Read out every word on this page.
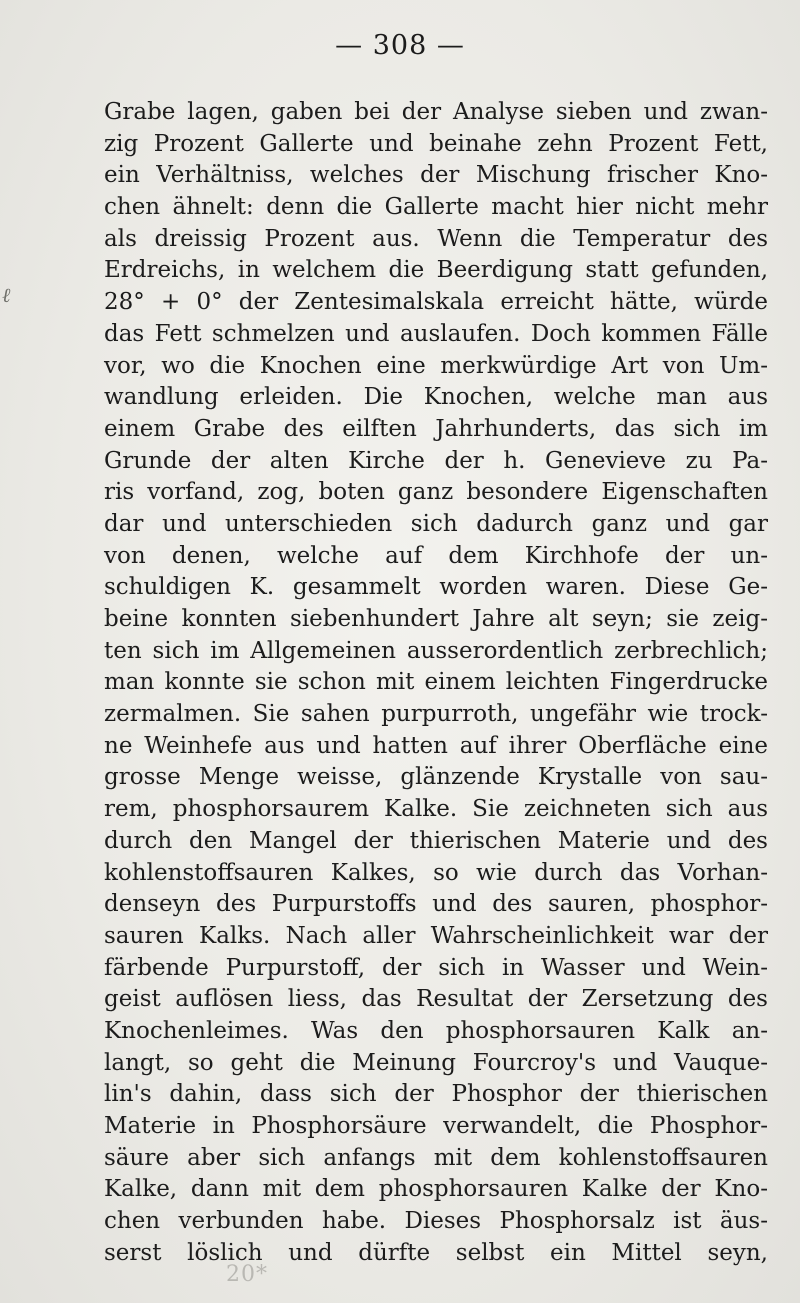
— 308 —
ℓ
Grabe lagen, gaben bei der Analyse sieben und zwan-
zig Prozent Gallerte und beinahe zehn Prozent Fett,
ein Verhältniss, welches der Mischung frischer Kno-
chen ähnelt: denn die Gallerte macht hier nicht mehr
als dreissig Prozent aus. Wenn die Temperatur des
Erdreichs, in welchem die Beerdigung statt gefunden,
28° + 0° der Zentesimalskala erreicht hätte, würde
das Fett schmelzen und auslaufen. Doch kommen Fälle
vor, wo die Knochen eine merkwürdige Art von Um-
wandlung erleiden. Die Knochen, welche man aus
einem Grabe des eilften Jahrhunderts, das sich im
Grunde der alten Kirche der h. Genevieve zu Pa-
ris vorfand, zog, boten ganz besondere Eigenschaften
dar und unterschieden sich dadurch ganz und gar
von denen, welche auf dem Kirchhofe der un-
schuldigen K. gesammelt worden waren. Diese Ge-
beine konnten siebenhundert Jahre alt seyn; sie zeig-
ten sich im Allgemeinen ausserordentlich zerbrechlich;
man konnte sie schon mit einem leichten Fingerdrucke
zermalmen. Sie sahen purpurroth, ungefähr wie trock-
ne Weinhefe aus und hatten auf ihrer Oberfläche eine
grosse Menge weisse, glänzende Krystalle von sau-
rem, phosphorsaurem Kalke. Sie zeichneten sich aus
durch den Mangel der thierischen Materie und des
kohlenstoffsauren Kalkes, so wie durch das Vorhan-
denseyn des Purpurstoffs und des sauren, phosphor-
sauren Kalks. Nach aller Wahrscheinlichkeit war der
färbende Purpurstoff, der sich in Wasser und Wein-
geist auflösen liess, das Resultat der Zersetzung des
Knochenleimes. Was den phosphorsauren Kalk an-
langt, so geht die Meinung Fourcroy's und Vauque-
lin's dahin, dass sich der Phosphor der thierischen
Materie in Phosphorsäure verwandelt, die Phosphor-
säure aber sich anfangs mit dem kohlenstoffsauren
Kalke, dann mit dem phosphorsauren Kalke der Kno-
chen verbunden habe. Dieses Phosphorsalz ist äus-
serst löslich und dürfte selbst ein Mittel seyn,
20*
